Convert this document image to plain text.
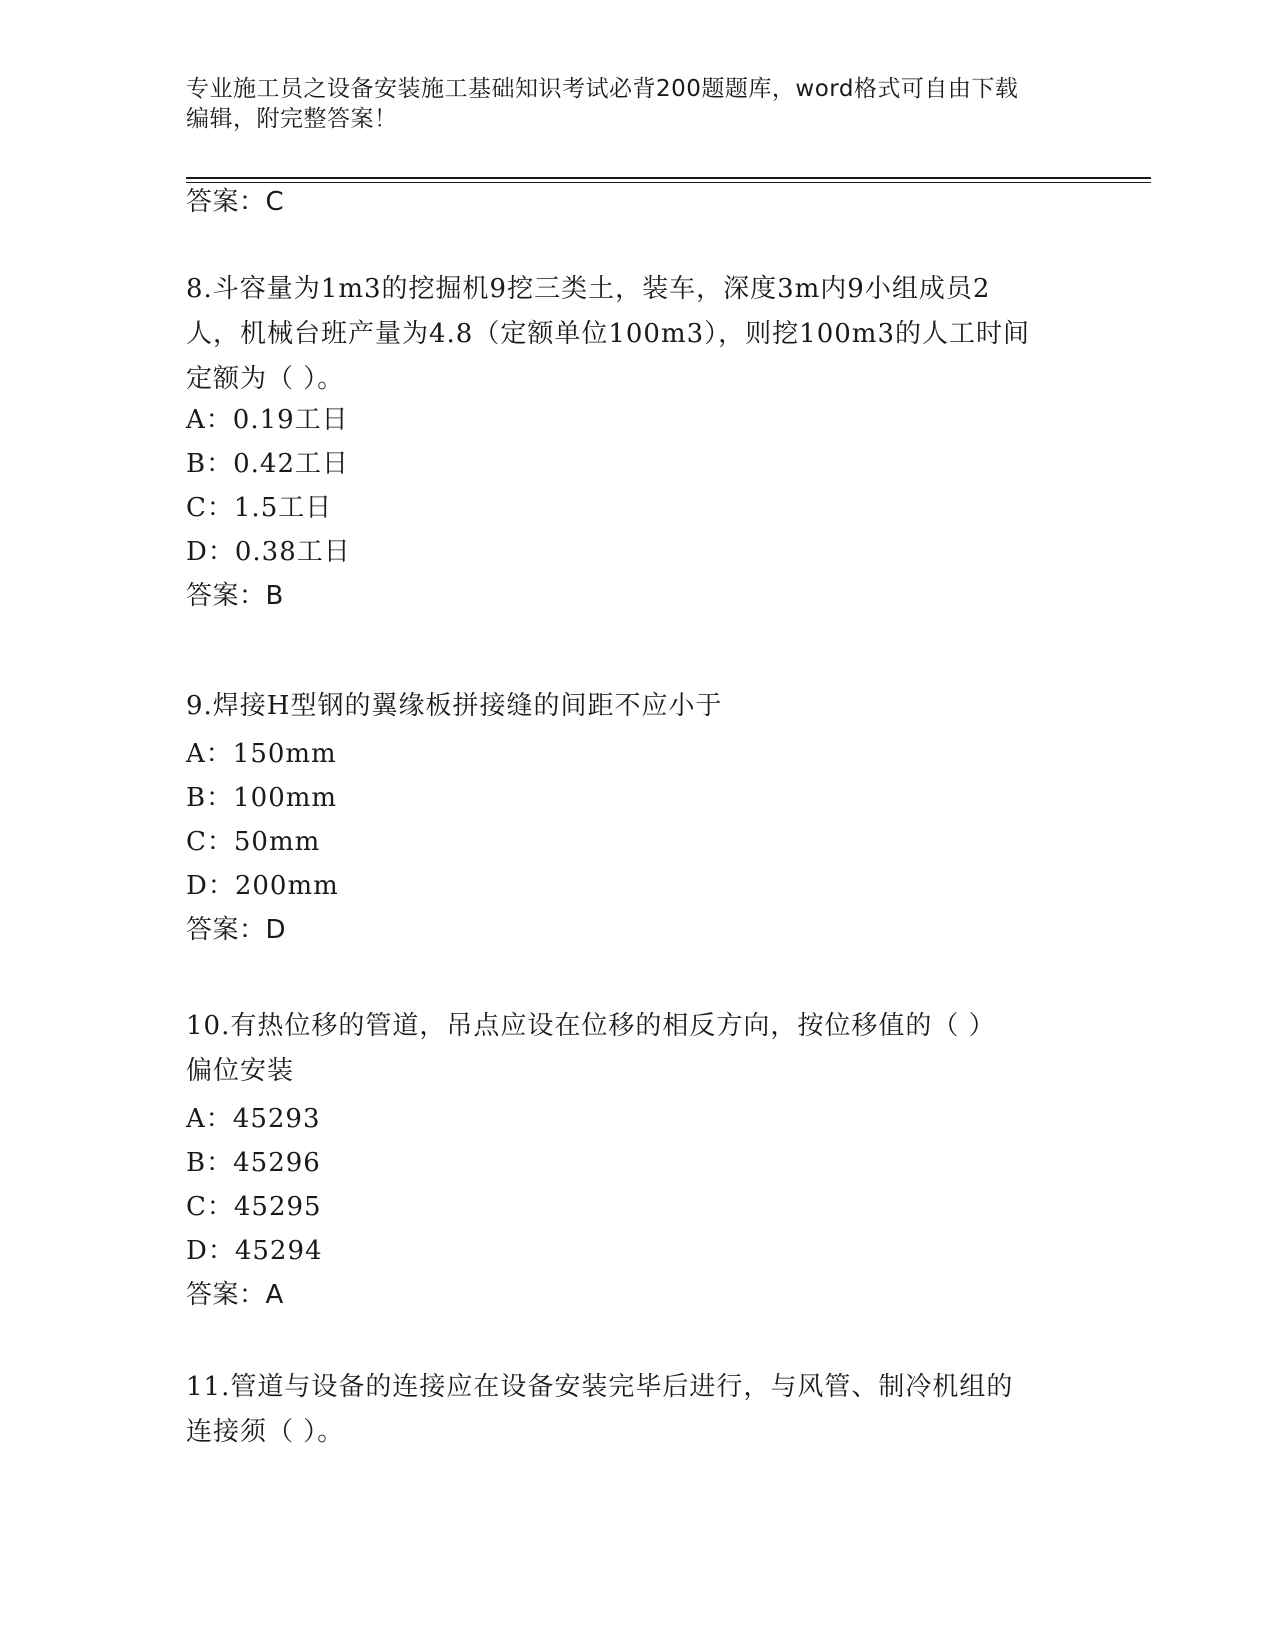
专业施工员之设备安装施工基础知识考试必背200题题库，word格式可自由下载
编辑，附完整答案！
答案：C
8.斗容量为1m3的挖掘机9挖三类土，装车，深度3m内9小组成员2
人，机械台班产量为4.8（定额单位100m3），则挖100m3的人工时间
定额为（ ）。
A：0.19工日
B：0.42工日
C：1.5工日
D：0.38工日
答案：B
9.焊接H型钢的翼缘板拼接缝的间距不应小于
A：150mm
B：100mm
C：50mm
D：200mm
答案：D
10.有热位移的管道，吊点应设在位移的相反方向，按位移值的（ ）
偏位安装
A：45293
B：45296
C：45295
D：45294
答案：A
11.管道与设备的连接应在设备安装完毕后进行，与风管、制冷机组的
连接须（ ）。
